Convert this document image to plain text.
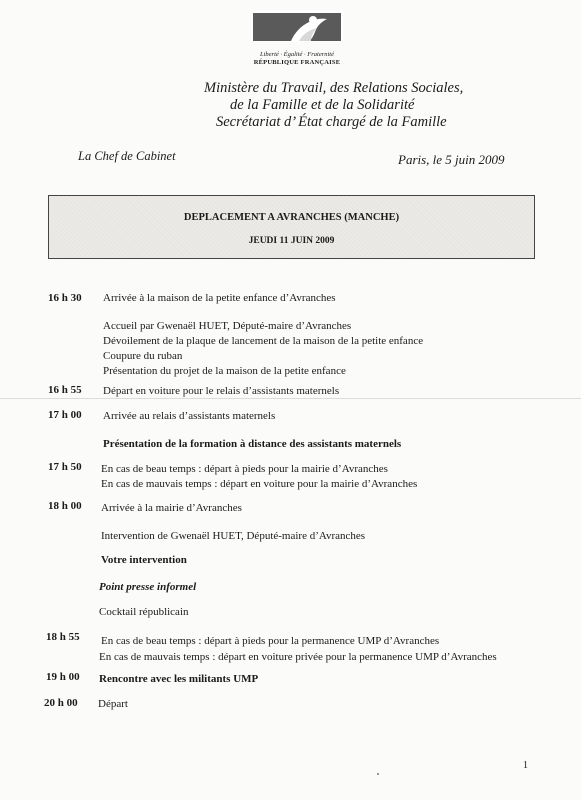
Liberté · Égalité · Fraternité
RÉPUBLIQUE FRANÇAISE
Ministère du Travail, des Relations Sociales,
de la Famille et de la Solidarité
Secrétariat d’ État chargé de la Famille
La Chef de Cabinet	Paris, le 5 juin 2009
DEPLACEMENT A AVRANCHES (MANCHE)
JEUDI 11 JUIN 2009
16 h 30 Arrivée à la maison de la petite enfance d’Avranches
Accueil par Gwenaël HUET, Député-maire d’Avranches
Dévoilement de la plaque de lancement de la maison de la petite enfance
Coupure du ruban
Présentation du projet de la maison de la petite enfance
16 h 55 Départ en voiture pour le relais d’assistants maternels
17 h 00 Arrivée au relais d’assistants maternels
Présentation de la formation à distance des assistants maternels
17 h 50 En cas de beau temps : départ à pieds pour la mairie d’Avranches
En cas de mauvais temps : départ en voiture pour la mairie d’Avranches
18 h 00 Arrivée à la mairie d’Avranches
Intervention de Gwenaël HUET, Député-maire d’Avranches
Votre intervention
Point presse informel
Cocktail républicain
18 h 55 En cas de beau temps : départ à pieds pour la permanence UMP d’Avranches
En cas de mauvais temps : départ en voiture privée pour la permanence UMP d’Avranches
19 h 00 Rencontre avec les militants UMP
20 h 00 Départ
1
